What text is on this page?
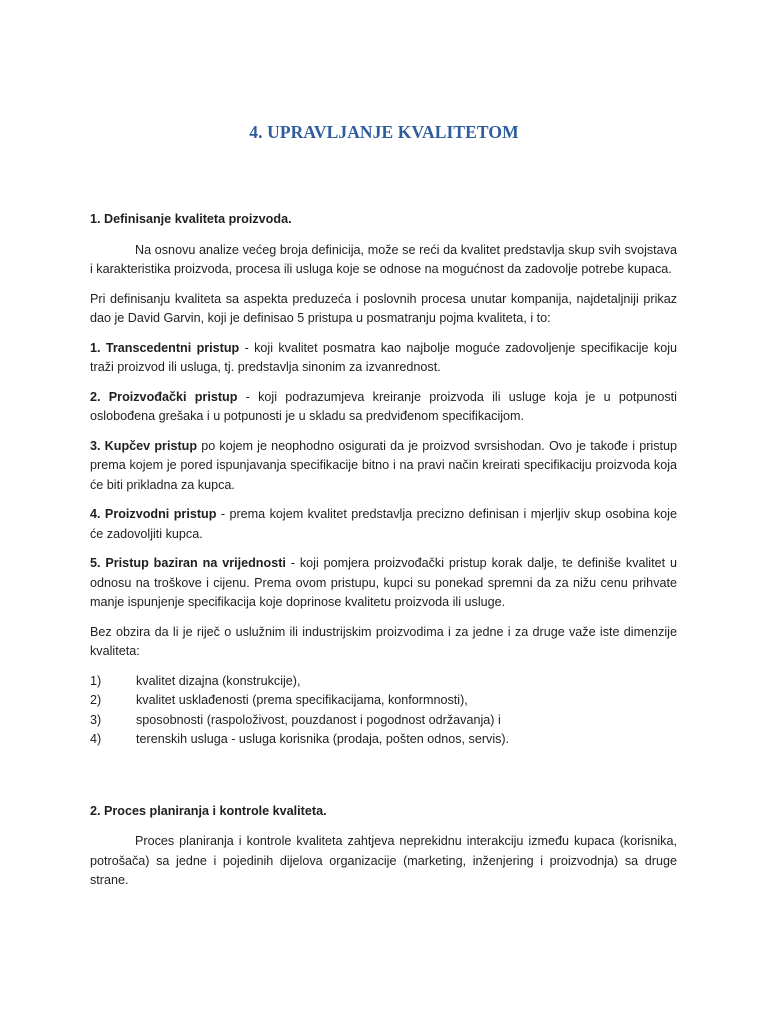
4. UPRAVLJANJE KVALITETOM
1. Definisanje kvaliteta proizvoda.

Na osnovu analize većeg broja definicija, može se reći da kvalitet predstavlja skup svih svojstava i karakteristika proizvoda, procesa ili usluga koje se odnose na mogućnost da zadovolje potrebe kupaca.

Pri definisanju kvaliteta sa aspekta preduzeća i poslovnih procesa unutar kompanija, najdetaljniji prikaz dao je David Garvin, koji je definisao 5 pristupa u posmatranju pojma kvaliteta, i to:

1. Transcedentni pristup - koji kvalitet posmatra kao najbolje moguće zadovoljenje specifikacije koju traži proizvod ili usluga, tj. predstavlja sinonim za izvanrednost.

2. Proizvođački pristup - koji podrazumjeva kreiranje proizvoda ili usluge koja je u potpunosti oslobođena grešaka i u potpunosti je u skladu sa predviđenom specifikacijom.

3. Kupčev pristup po kojem je neophodno osigurati da je proizvod svrsishodan. Ovo je takođe i pristup prema kojem je pored ispunjavanja specifikacije bitno i na pravi način kreirati specifikaciju proizvoda koja će biti prikladna za kupca.

4. Proizvodni pristup - prema kojem kvalitet predstavlja precizno definisan i mjerljiv skup osobina koje će zadovoljiti kupca.

5. Pristup baziran na vrijednosti - koji pomjera proizvođački pristup korak dalje, te definiše kvalitet u odnosu na troškove i cijenu. Prema ovom pristupu, kupci su ponekad spremni da za nižu cenu prihvate manje ispunjenje specifikacija koje doprinose kvalitetu proizvoda ili usluge.

Bez obzira da li je riječ o uslužnim ili industrijskim proizvodima i za jedne i za druge važe iste dimenzije kvaliteta:

1)	kvalitet dizajna (konstrukcije),
2)	kvalitet usklađenosti (prema specifikacijama, konformnosti),
3)	sposobnosti (raspoloživost, pouzdanost i pogodnost održavanja) i
4)	terenskih usluga - usluga korisnika (prodaja, pošten odnos, servis).
2. Proces planiranja i kontrole kvaliteta.

Proces planiranja i kontrole kvaliteta zahtjeva neprekidnu interakciju između kupaca (korisnika, potrošača) sa jedne i pojedinih dijelova organizacije (marketing, inženjering i proizvodnja) sa druge strane.
